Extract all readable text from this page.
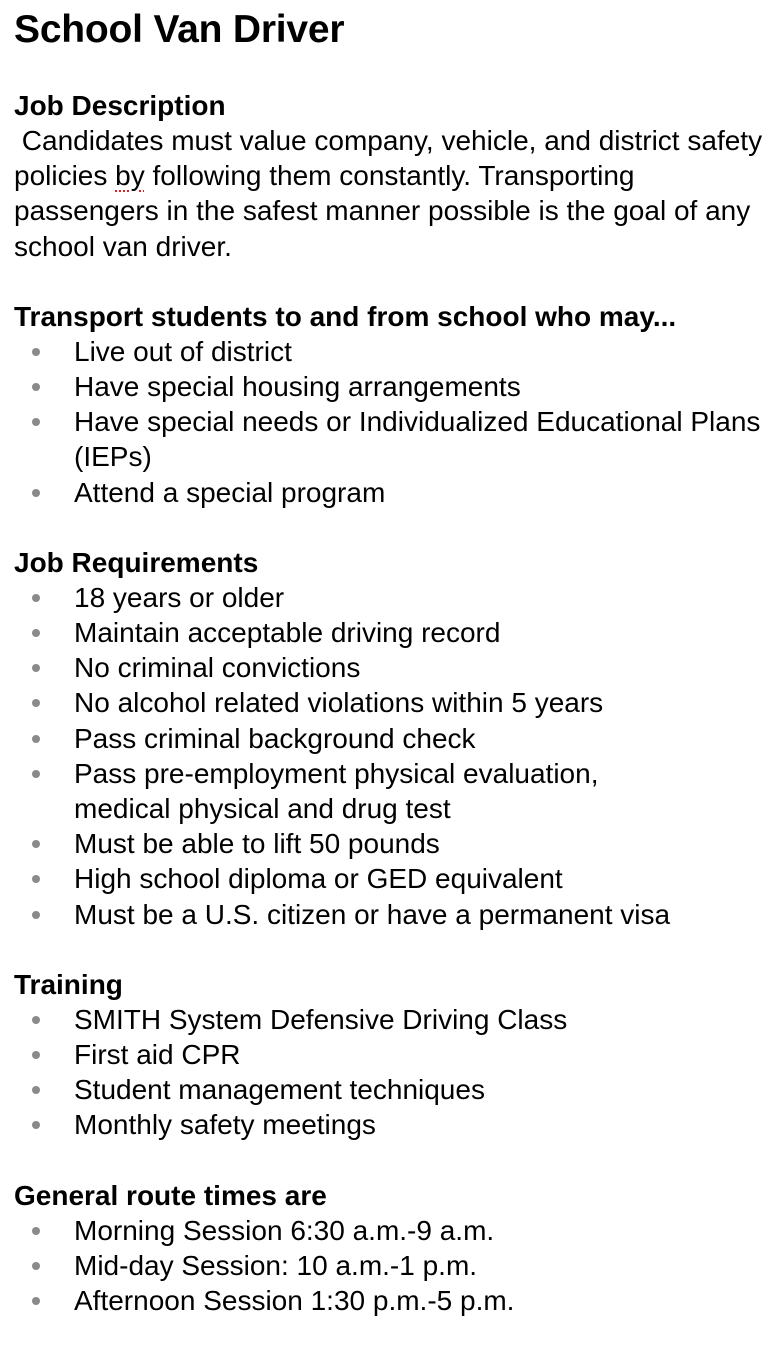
School Van Driver
Job Description

Candidates must value company, vehicle, and district safety policies by following them constantly. Transporting passengers in the safest manner possible is the goal of any school van driver.

Transport students to and from school who may...
Live out of district
Have special housing arrangements
Have special needs or Individualized Educational Plans (IEPs)
Attend a special program
Job Requirements
18 years or older
Maintain acceptable driving record
No criminal convictions
No alcohol related violations within 5 years
Pass criminal background check
Pass pre-employment physical evaluation, medical physical and drug test
Must be able to lift 50 pounds
High school diploma or GED equivalent
Must be a U.S. citizen or have a permanent visa
Training
SMITH System Defensive Driving Class
First aid CPR
Student management techniques
Monthly safety meetings
General route times are
Morning Session 6:30 a.m.-9 a.m.
Mid-day Session: 10 a.m.-1 p.m.
Afternoon Session 1:30 p.m.-5 p.m.
